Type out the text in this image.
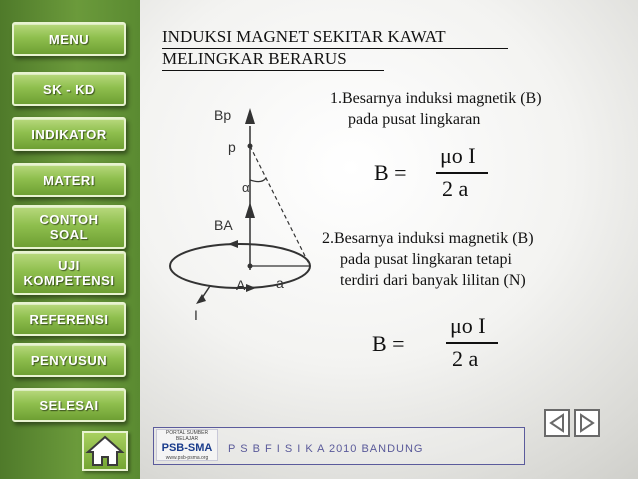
MENU
SK - KD
INDIKATOR
MATERI
CONTOH
SOAL
UJI
KOMPETENSI
REFERENSI
PENYUSUN
SELESAI
INDUKSI MAGNET SEKITAR KAWAT
MELINGKAR BERARUS
Bp
p
α
BA
A a
I
1.Besarnya induksi magnetik (B)
pada pusat lingkaran
B =
μo I
2 a
2.Besarnya induksi magnetik (B)
pada pusat lingkaran tetapi
terdiri dari banyak lilitan (N)
B =
μo I
2 a
PORTAL SUMBER BELAJAR
PSB-SMA
www.psb-psma.org
P S B F I S I K A 2010 BANDUNG
